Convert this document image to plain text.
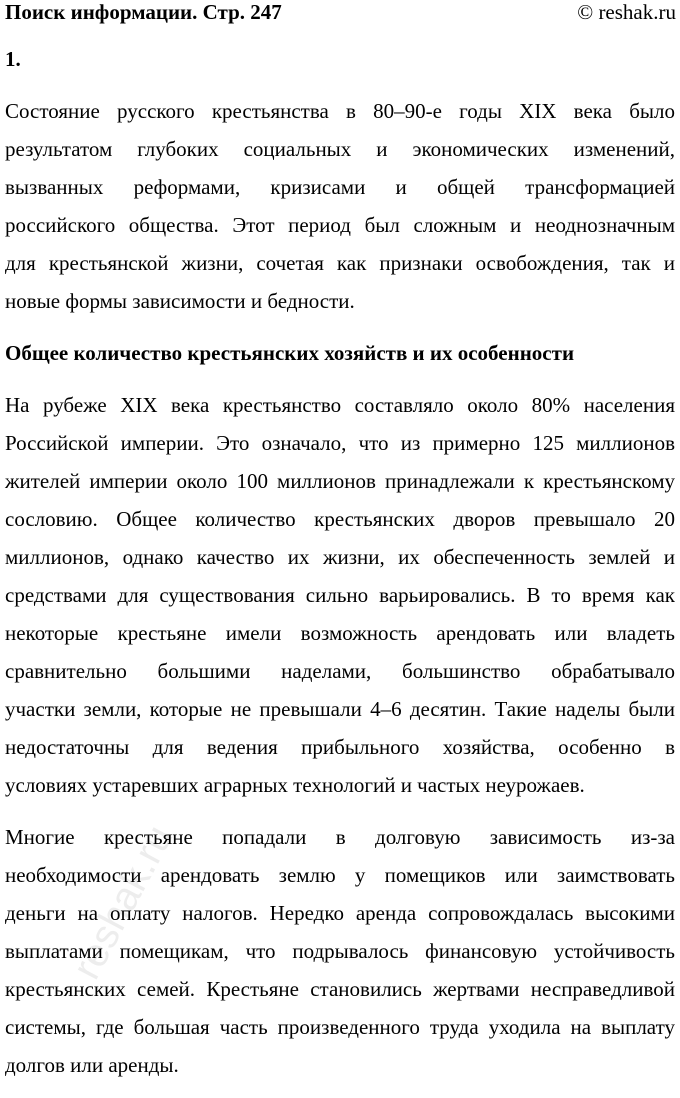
Поиск информации. Стр. 247	© reshak.ru
1.
Состояние русского крестьянства в 80–90-е годы XIX века было
результатом глубоких социальных и экономических изменений,
вызванных реформами, кризисами и общей трансформацией
российского общества. Этот период был сложным и неоднозначным
для крестьянской жизни, сочетая как признаки освобождения, так и
новые формы зависимости и бедности.
Общее количество крестьянских хозяйств и их особенности
На рубеже XIX века крестьянство составляло около 80% населения
Российской империи. Это означало, что из примерно 125 миллионов
жителей империи около 100 миллионов принадлежали к крестьянскому
сословию. Общее количество крестьянских дворов превышало 20
миллионов, однако качество их жизни, их обеспеченность землей и
средствами для существования сильно варьировались. В то время как
некоторые крестьяне имели возможность арендовать или владеть
сравнительно большими наделами, большинство обрабатывало
участки земли, которые не превышали 4–6 десятин. Такие наделы были
недостаточны для ведения прибыльного хозяйства, особенно в
условиях устаревших аграрных технологий и частых неурожаев.
Многие крестьяне попадали в долговую зависимость из-за
необходимости арендовать землю у помещиков или заимствовать
деньги на оплату налогов. Нередко аренда сопровождалась высокими
выплатами помещикам, что подрывалось финансовую устойчивость
крестьянских семей. Крестьяне становились жертвами несправедливой
системы, где большая часть произведенного труда уходила на выплату
долгов или аренды.
reshak.ru
